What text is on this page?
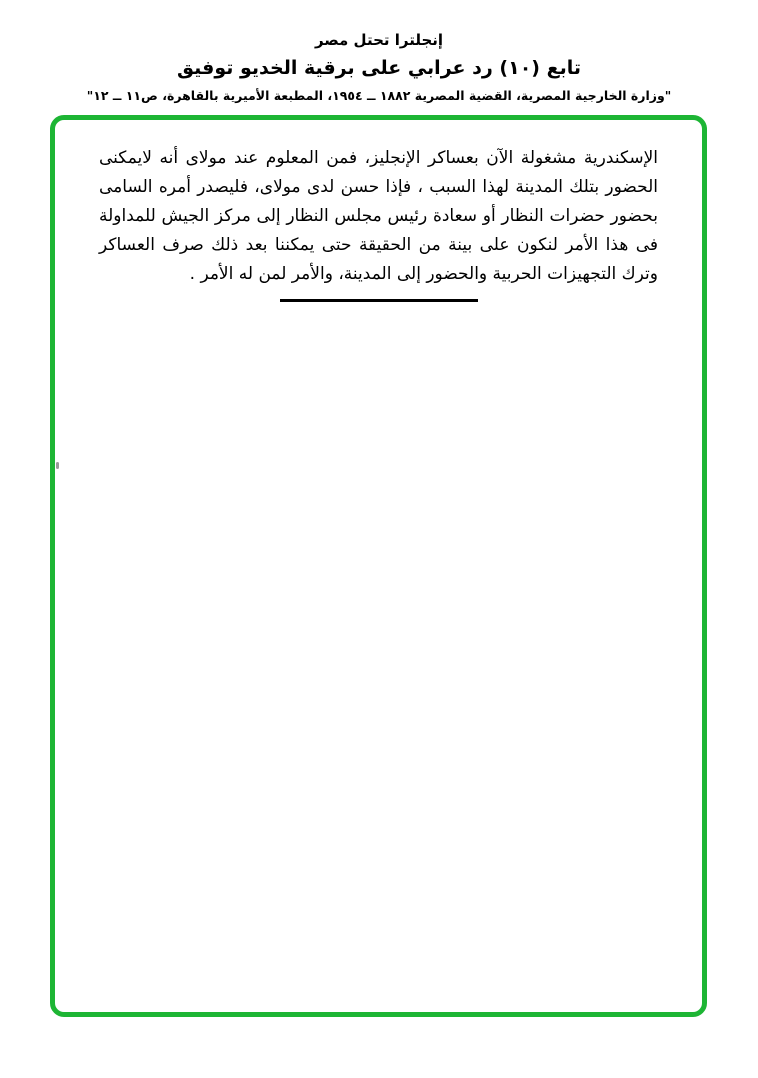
إنجلترا تحتل مصر
تابع (١٠) رد عرابي على برقية الخديو توفيق
"وزارة الخارجية المصرية، القضية المصرية ١٨٨٢ ــ ١٩٥٤، المطبعة الأميرية بالقاهرة، ص١١ ــ ١٢"

الإسكندرية مشغولة الآن بعساكر الإنجليز، فمن المعلوم عند مولاى أنه لايمكنى الحضور بتلك المدينة لهذا السبب ، فإذا حسن لدى مولاى، فليصدر أمره السامى بحضور حضرات النظار أو سعادة رئيس مجلس النظار إلى مركز الجيش للمداولة فى هذا الأمر لنكون على بينة من الحقيقة حتى يمكننا بعد ذلك صرف العساكر وترك التجهيزات الحربية والحضور إلى المدينة، والأمر لمن له الأمر .
